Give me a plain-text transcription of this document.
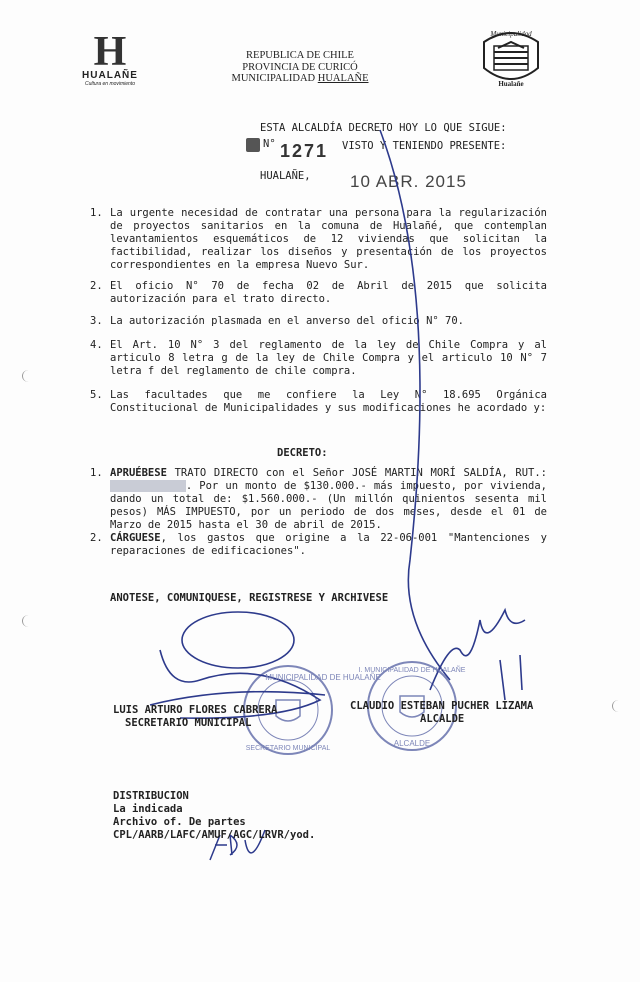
H
HUALAÑE
Cultura en movimiento
REPUBLICA DE CHILE
PROVINCIA DE CURICÓ
MUNICIPALIDAD HUALAÑE
Municipalidad
Hualañe
ESTA ALCALDÍA DECRETO HOY LO QUE SIGUE:
N° 1271 VISTO Y TENIENDO PRESENTE:
HUALAÑE, 10 ABR. 2015
1. La urgente necesidad de contratar una persona para la regularización de proyectos sanitarios en la comuna de Hualañé, que contemplan levantamientos esquemáticos de 12 viviendas que solicitan la factibilidad, realizar los diseños y presentación de los proyectos correspondientes en la empresa Nuevo Sur.
2. El oficio N° 70 de fecha 02 de Abril de 2015 que solicita autorización para el trato directo.
3. La autorización plasmada en el anverso del oficio N° 70.
4. El Art. 10 N° 3 del reglamento de la ley de Chile Compra y al articulo 8 letra g de la ley de Chile Compra y el articulo 10 N° 7 letra f del reglamento de chile compra.
5. Las facultades que me confiere la Ley N° 18.695 Orgánica Constitucional de Municipalidades y sus modificaciones he acordado y:
DECRETO:
1. APRUÉBESE TRATO DIRECTO con el Señor JOSÉ MARTIN MORÍ SALDÍA, RUT.: . Por un monto de $130.000.- más impuesto, por vivienda, dando un total de: $1.560.000.- (Un millón quinientos sesenta mil pesos) MÁS IMPUESTO, por un periodo de dos meses, desde el 01 de Marzo de 2015 hasta el 30 de abril de 2015.
2. CÁRGUESE, los gastos que origine a la 22-06-001 "Mantenciones y reparaciones de edificaciones".
ANOTESE, COMUNIQUESE, REGISTRESE Y ARCHIVESE
MUNICIPALIDAD DE HUALAÑE
SECRETARIO MUNICIPAL
I. MUNICIPALIDAD DE HUALAÑE
ALCALDE
LUIS ARTURO FLORES CABRERA
SECRETARIO MUNICIPAL
CLAUDIO ESTEBAN PUCHER LIZAMA
ALCALDE
DISTRIBUCION
La indicada
Archivo of. De partes
CPL/AARB/LAFC/AMUF/AGC/LRVR/yod.
